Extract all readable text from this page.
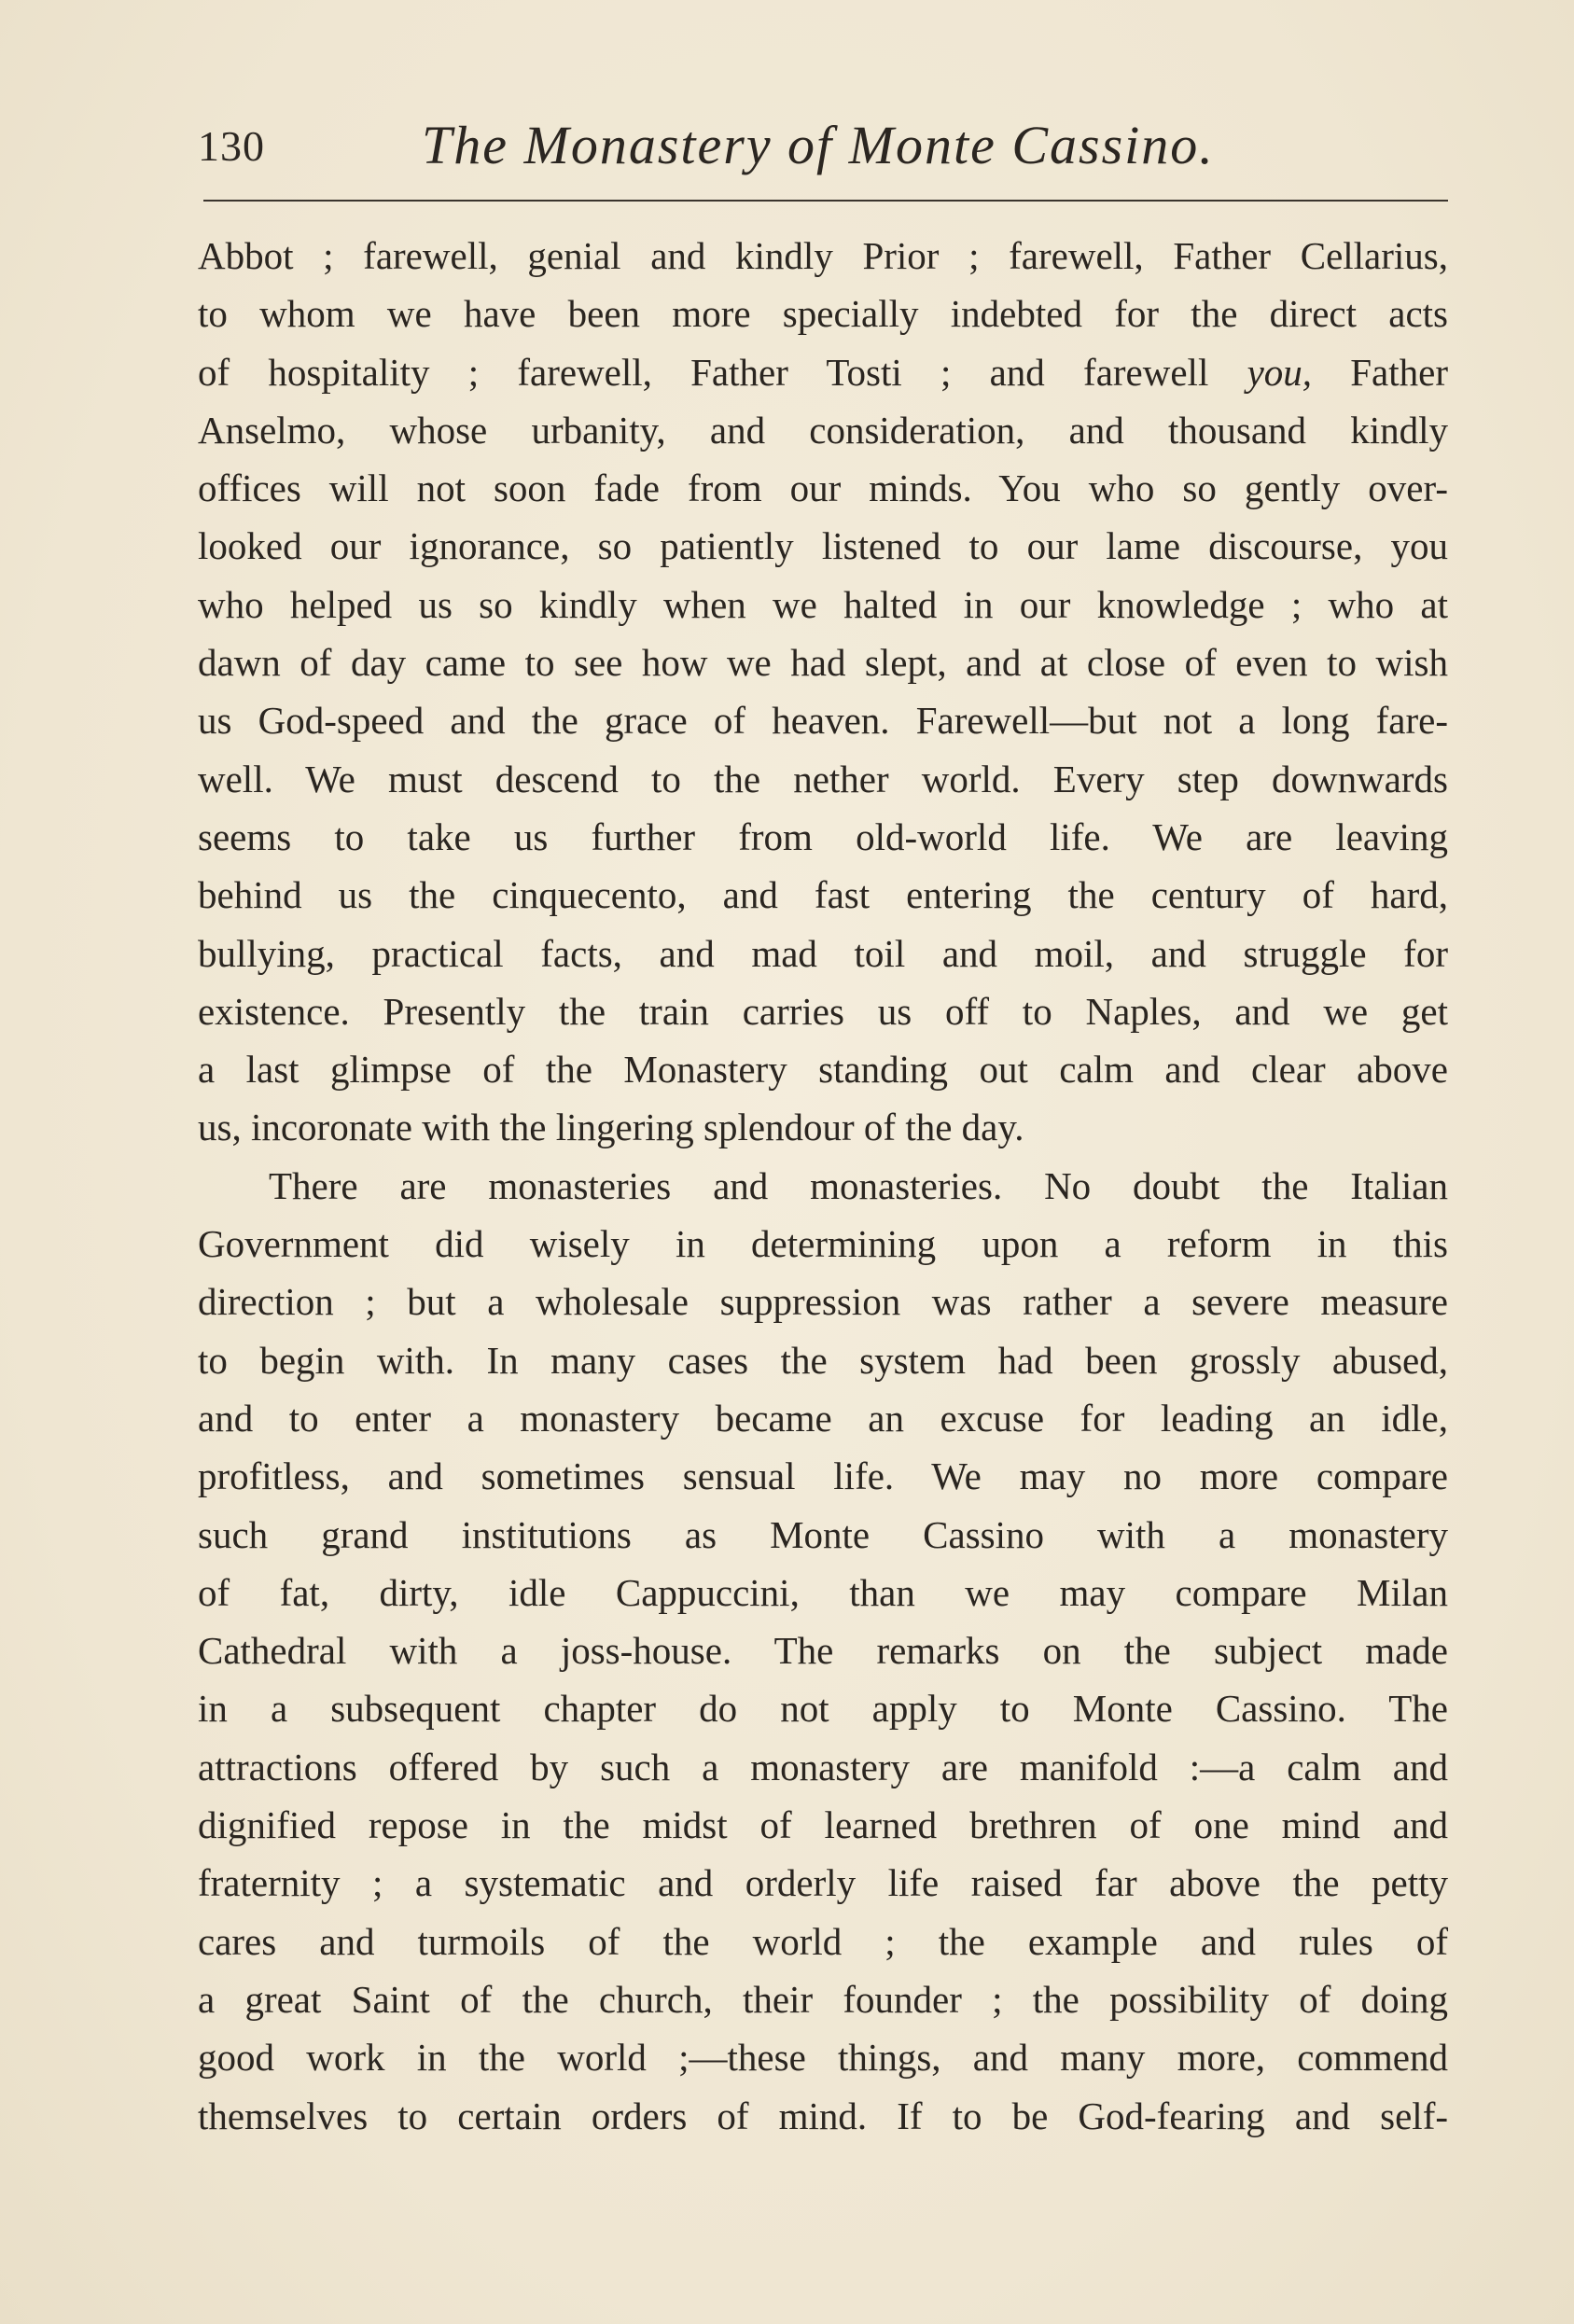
130	The Monastery of Monte Cassino.
Abbot ; farewell, genial and kindly Prior ; farewell, Father Cellarius,
to whom we have been more specially indebted for the direct acts
of hospitality ; farewell, Father Tosti ; and farewell you, Father
Anselmo, whose urbanity, and consideration, and thousand kindly
offices will not soon fade from our minds. You who so gently over-
looked our ignorance, so patiently listened to our lame discourse, you
who helped us so kindly when we halted in our knowledge ; who at
dawn of day came to see how we had slept, and at close of even to wish
us God-speed and the grace of heaven. Farewell—but not a long fare-
well. We must descend to the nether world. Every step downwards
seems to take us further from old-world life. We are leaving
behind us the cinquecento, and fast entering the century of hard,
bullying, practical facts, and mad toil and moil, and struggle for
existence. Presently the train carries us off to Naples, and we get
a last glimpse of the Monastery standing out calm and clear above
us, incoronate with the lingering splendour of the day.
There are monasteries and monasteries. No doubt the Italian
Government did wisely in determining upon a reform in this
direction ; but a wholesale suppression was rather a severe measure
to begin with. In many cases the system had been grossly abused,
and to enter a monastery became an excuse for leading an idle,
profitless, and sometimes sensual life. We may no more compare
such grand institutions as Monte Cassino with a monastery
of fat, dirty, idle Cappuccini, than we may compare Milan
Cathedral with a joss-house. The remarks on the subject made
in a subsequent chapter do not apply to Monte Cassino. The
attractions offered by such a monastery are manifold :—a calm and
dignified repose in the midst of learned brethren of one mind and
fraternity ; a systematic and orderly life raised far above the petty
cares and turmoils of the world ; the example and rules of
a great Saint of the church, their founder ; the possibility of doing
good work in the world ;—these things, and many more, commend
themselves to certain orders of mind. If to be God-fearing and self-
